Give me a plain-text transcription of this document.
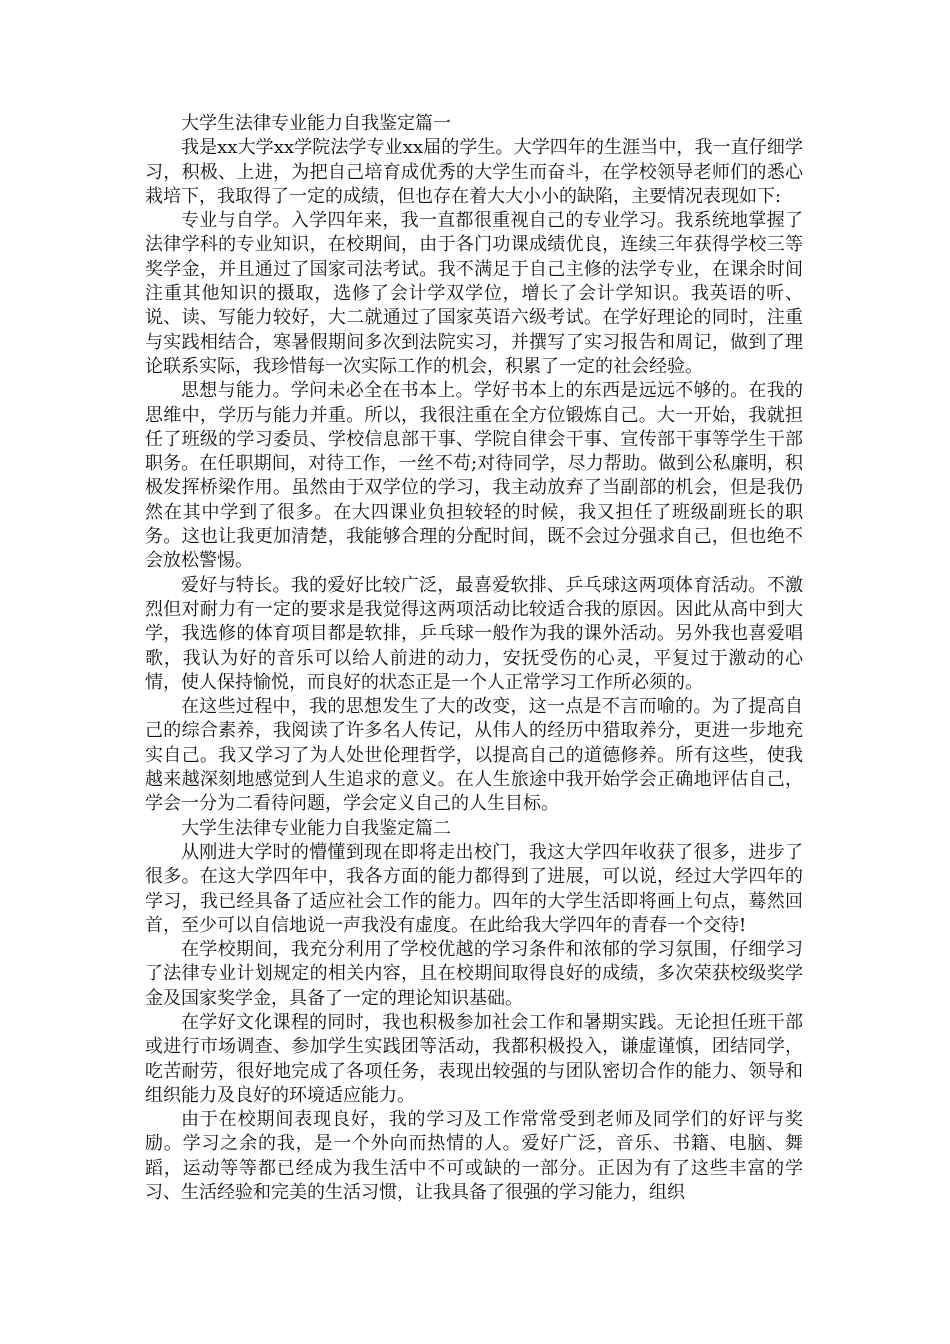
大学生法律专业能力自我鉴定篇一

我是xx大学xx学院法学专业xx届的学生。大学四年的生涯当中，我一直仔细学习，积极、上进，为把自己培育成优秀的大学生而奋斗，在学校领导老师们的悉心栽培下，我取得了一定的成绩，但也存在着大大小小的缺陷，主要情况表现如下:

专业与自学。入学四年来，我一直都很重视自己的专业学习。我系统地掌握了法律学科的专业知识，在校期间，由于各门功课成绩优良，连续三年获得学校三等奖学金，并且通过了国家司法考试。我不满足于自己主修的法学专业，在课余时间注重其他知识的摄取，选修了会计学双学位，增长了会计学知识。我英语的听、说、读、写能力较好，大二就通过了国家英语六级考试。在学好理论的同时，注重与实践相结合，寒暑假期间多次到法院实习，并撰写了实习报告和周记，做到了理论联系实际，我珍惜每一次实际工作的机会，积累了一定的社会经验。

思想与能力。学问未必全在书本上。学好书本上的东西是远远不够的。在我的思维中，学历与能力并重。所以，我很注重在全方位锻炼自己。大一开始，我就担任了班级的学习委员、学校信息部干事、学院自律会干事、宣传部干事等学生干部职务。在任职期间，对待工作，一丝不苟;对待同学，尽力帮助。做到公私廉明，积极发挥桥梁作用。虽然由于双学位的学习，我主动放弃了当副部的机会，但是我仍然在其中学到了很多。在大四课业负担较轻的时候，我又担任了班级副班长的职务。这也让我更加清楚，我能够合理的分配时间，既不会过分强求自己，但也绝不会放松警惕。

爱好与特长。我的爱好比较广泛，最喜爱软排、乒乓球这两项体育活动。不激烈但对耐力有一定的要求是我觉得这两项活动比较适合我的原因。因此从高中到大学，我选修的体育项目都是软排，乒乓球一般作为我的课外活动。另外我也喜爱唱歌，我认为好的音乐可以给人前进的动力，安抚受伤的心灵，平复过于激动的心情，使人保持愉悦，而良好的状态正是一个人正常学习工作所必须的。

在这些过程中，我的思想发生了大的改变，这一点是不言而喻的。为了提高自己的综合素养，我阅读了许多名人传记，从伟人的经历中猎取养分，更进一步地充实自己。我又学习了为人处世伦理哲学，以提高自己的道德修养。所有这些，使我越来越深刻地感觉到人生追求的意义。在人生旅途中我开始学会正确地评估自己，学会一分为二看待问题，学会定义自己的人生目标。

大学生法律专业能力自我鉴定篇二

从刚进大学时的懵懂到现在即将走出校门，我这大学四年收获了很多，进步了很多。在这大学四年中，我各方面的能力都得到了进展，可以说，经过大学四年的学习，我已经具备了适应社会工作的能力。四年的大学生活即将画上句点，蓦然回首，至少可以自信地说一声我没有虚度。在此给我大学四年的青春一个交待!

在学校期间，我充分利用了学校优越的学习条件和浓郁的学习氛围，仔细学习了法律专业计划规定的相关内容，且在校期间取得良好的成绩，多次荣获校级奖学金及国家奖学金，具备了一定的理论知识基础。

在学好文化课程的同时，我也积极参加社会工作和暑期实践。无论担任班干部或进行市场调查、参加学生实践团等活动，我都积极投入，谦虚谨慎，团结同学，吃苦耐劳，很好地完成了各项任务，表现出较强的与团队密切合作的能力、领导和组织能力及良好的环境适应能力。

由于在校期间表现良好，我的学习及工作常常受到老师及同学们的好评与奖励。学习之余的我，是一个外向而热情的人。爱好广泛，音乐、书籍、电脑、舞蹈，运动等等都已经成为我生活中不可或缺的一部分。正因为有了这些丰富的学习、生活经验和完美的生活习惯，让我具备了很强的学习能力，组织
